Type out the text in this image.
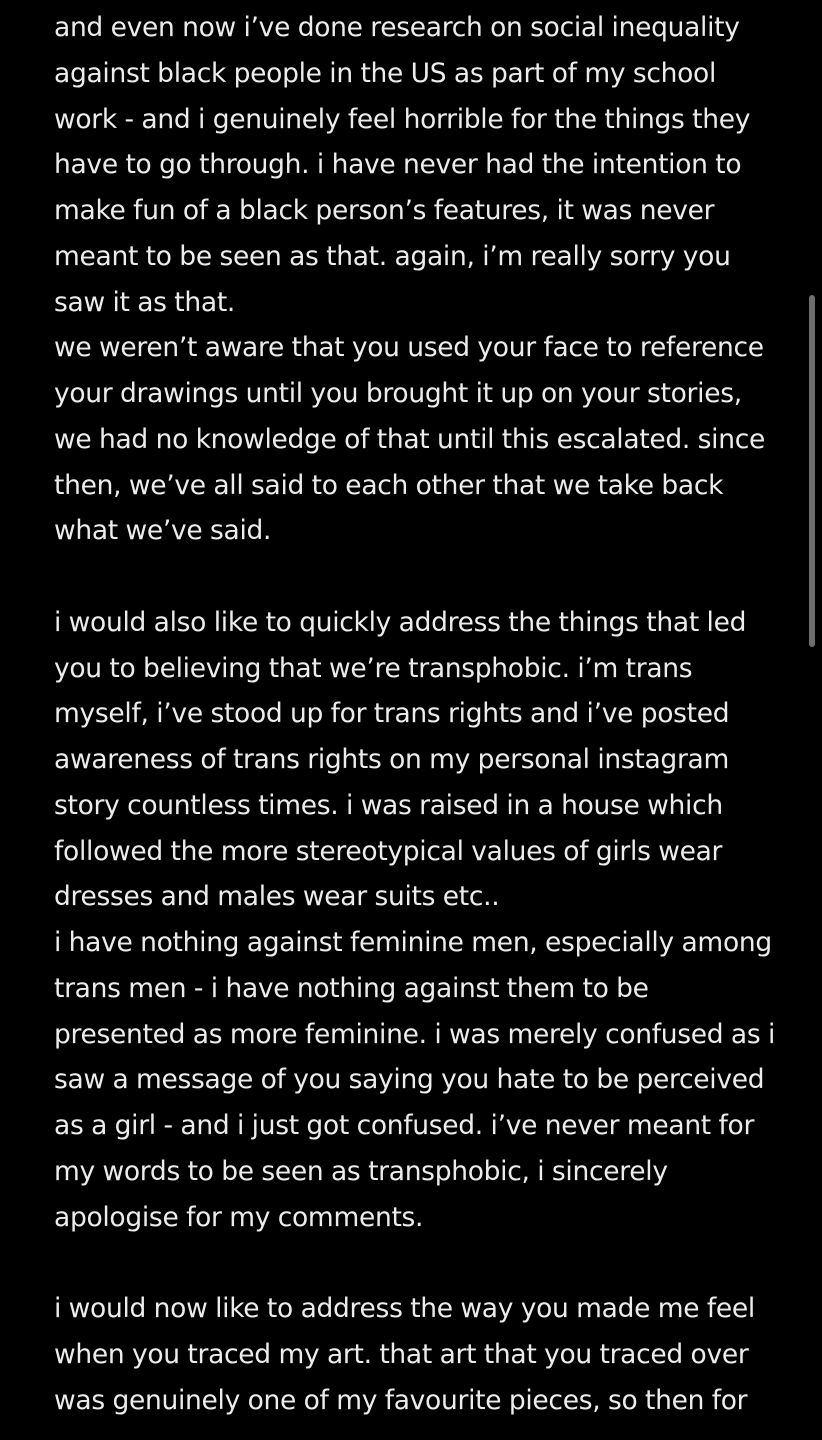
and even now i’ve done research on social inequality
against black people in the US as part of my school
work - and i genuinely feel horrible for the things they
have to go through. i have never had the intention to
make fun of a black person’s features, it was never
meant to be seen as that. again, i’m really sorry you
saw it as that.
we weren’t aware that you used your face to reference
your drawings until you brought it up on your stories,
we had no knowledge of that until this escalated. since
then, we’ve all said to each other that we take back
what we’ve said.
i would also like to quickly address the things that led
you to believing that we’re transphobic. i’m trans
myself, i’ve stood up for trans rights and i’ve posted
awareness of trans rights on my personal instagram
story countless times. i was raised in a house which
followed the more stereotypical values of girls wear
dresses and males wear suits etc..
i have nothing against feminine men, especially among
trans men - i have nothing against them to be
presented as more feminine. i was merely confused as i
saw a message of you saying you hate to be perceived
as a girl - and i just got confused. i’ve never meant for
my words to be seen as transphobic, i sincerely
apologise for my comments.
i would now like to address the way you made me feel
when you traced my art. that art that you traced over
was genuinely one of my favourite pieces, so then for
